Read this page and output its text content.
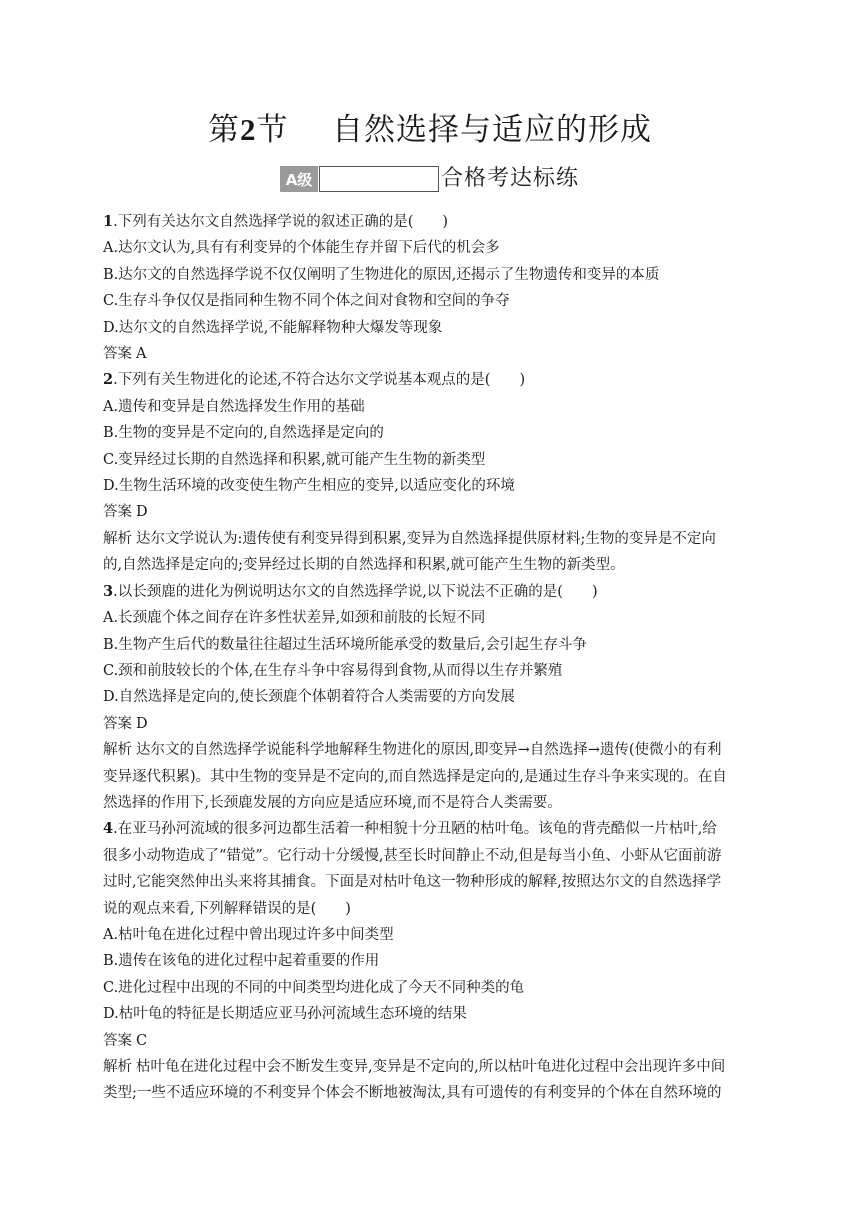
第2节    自然选择与适应的形成
A级	合格考达标练
1.下列有关达尔文自然选择学说的叙述正确的是(　　)
A.达尔文认为,具有有利变异的个体能生存并留下后代的机会多
B.达尔文的自然选择学说不仅仅阐明了生物进化的原因,还揭示了生物遗传和变异的本质
C.生存斗争仅仅是指同种生物不同个体之间对食物和空间的争夺
D.达尔文的自然选择学说,不能解释物种大爆发等现象
答案 A
2.下列有关生物进化的论述,不符合达尔文学说基本观点的是(　　)
A.遗传和变异是自然选择发生作用的基础
B.生物的变异是不定向的,自然选择是定向的
C.变异经过长期的自然选择和积累,就可能产生生物的新类型
D.生物生活环境的改变使生物产生相应的变异,以适应变化的环境
答案 D
解析 达尔文学说认为:遗传使有利变异得到积累,变异为自然选择提供原材料;生物的变异是不定向
的,自然选择是定向的;变异经过长期的自然选择和积累,就可能产生生物的新类型。
3.以长颈鹿的进化为例说明达尔文的自然选择学说,以下说法不正确的是(　　)
A.长颈鹿个体之间存在许多性状差异,如颈和前肢的长短不同
B.生物产生后代的数量往往超过生活环境所能承受的数量后,会引起生存斗争
C.颈和前肢较长的个体,在生存斗争中容易得到食物,从而得以生存并繁殖
D.自然选择是定向的,使长颈鹿个体朝着符合人类需要的方向发展
答案 D
解析 达尔文的自然选择学说能科学地解释生物进化的原因,即变异→自然选择→遗传(使微小的有利
变异逐代积累)。其中生物的变异是不定向的,而自然选择是定向的,是通过生存斗争来实现的。在自
然选择的作用下,长颈鹿发展的方向应是适应环境,而不是符合人类需要。
4.在亚马孙河流域的很多河边都生活着一种相貌十分丑陋的枯叶龟。该龟的背壳酷似一片枯叶,给
很多小动物造成了“错觉”。它行动十分缓慢,甚至长时间静止不动,但是每当小鱼、小虾从它面前游
过时,它能突然伸出头来将其捕食。下面是对枯叶龟这一物种形成的解释,按照达尔文的自然选择学
说的观点来看,下列解释错误的是(　　)
A.枯叶龟在进化过程中曾出现过许多中间类型
B.遗传在该龟的进化过程中起着重要的作用
C.进化过程中出现的不同的中间类型均进化成了今天不同种类的龟
D.枯叶龟的特征是长期适应亚马孙河流域生态环境的结果
答案 C
解析 枯叶龟在进化过程中会不断发生变异,变异是不定向的,所以枯叶龟进化过程中会出现许多中间
类型;一些不适应环境的不利变异个体会不断地被淘汰,具有可遗传的有利变异的个体在自然环境的
